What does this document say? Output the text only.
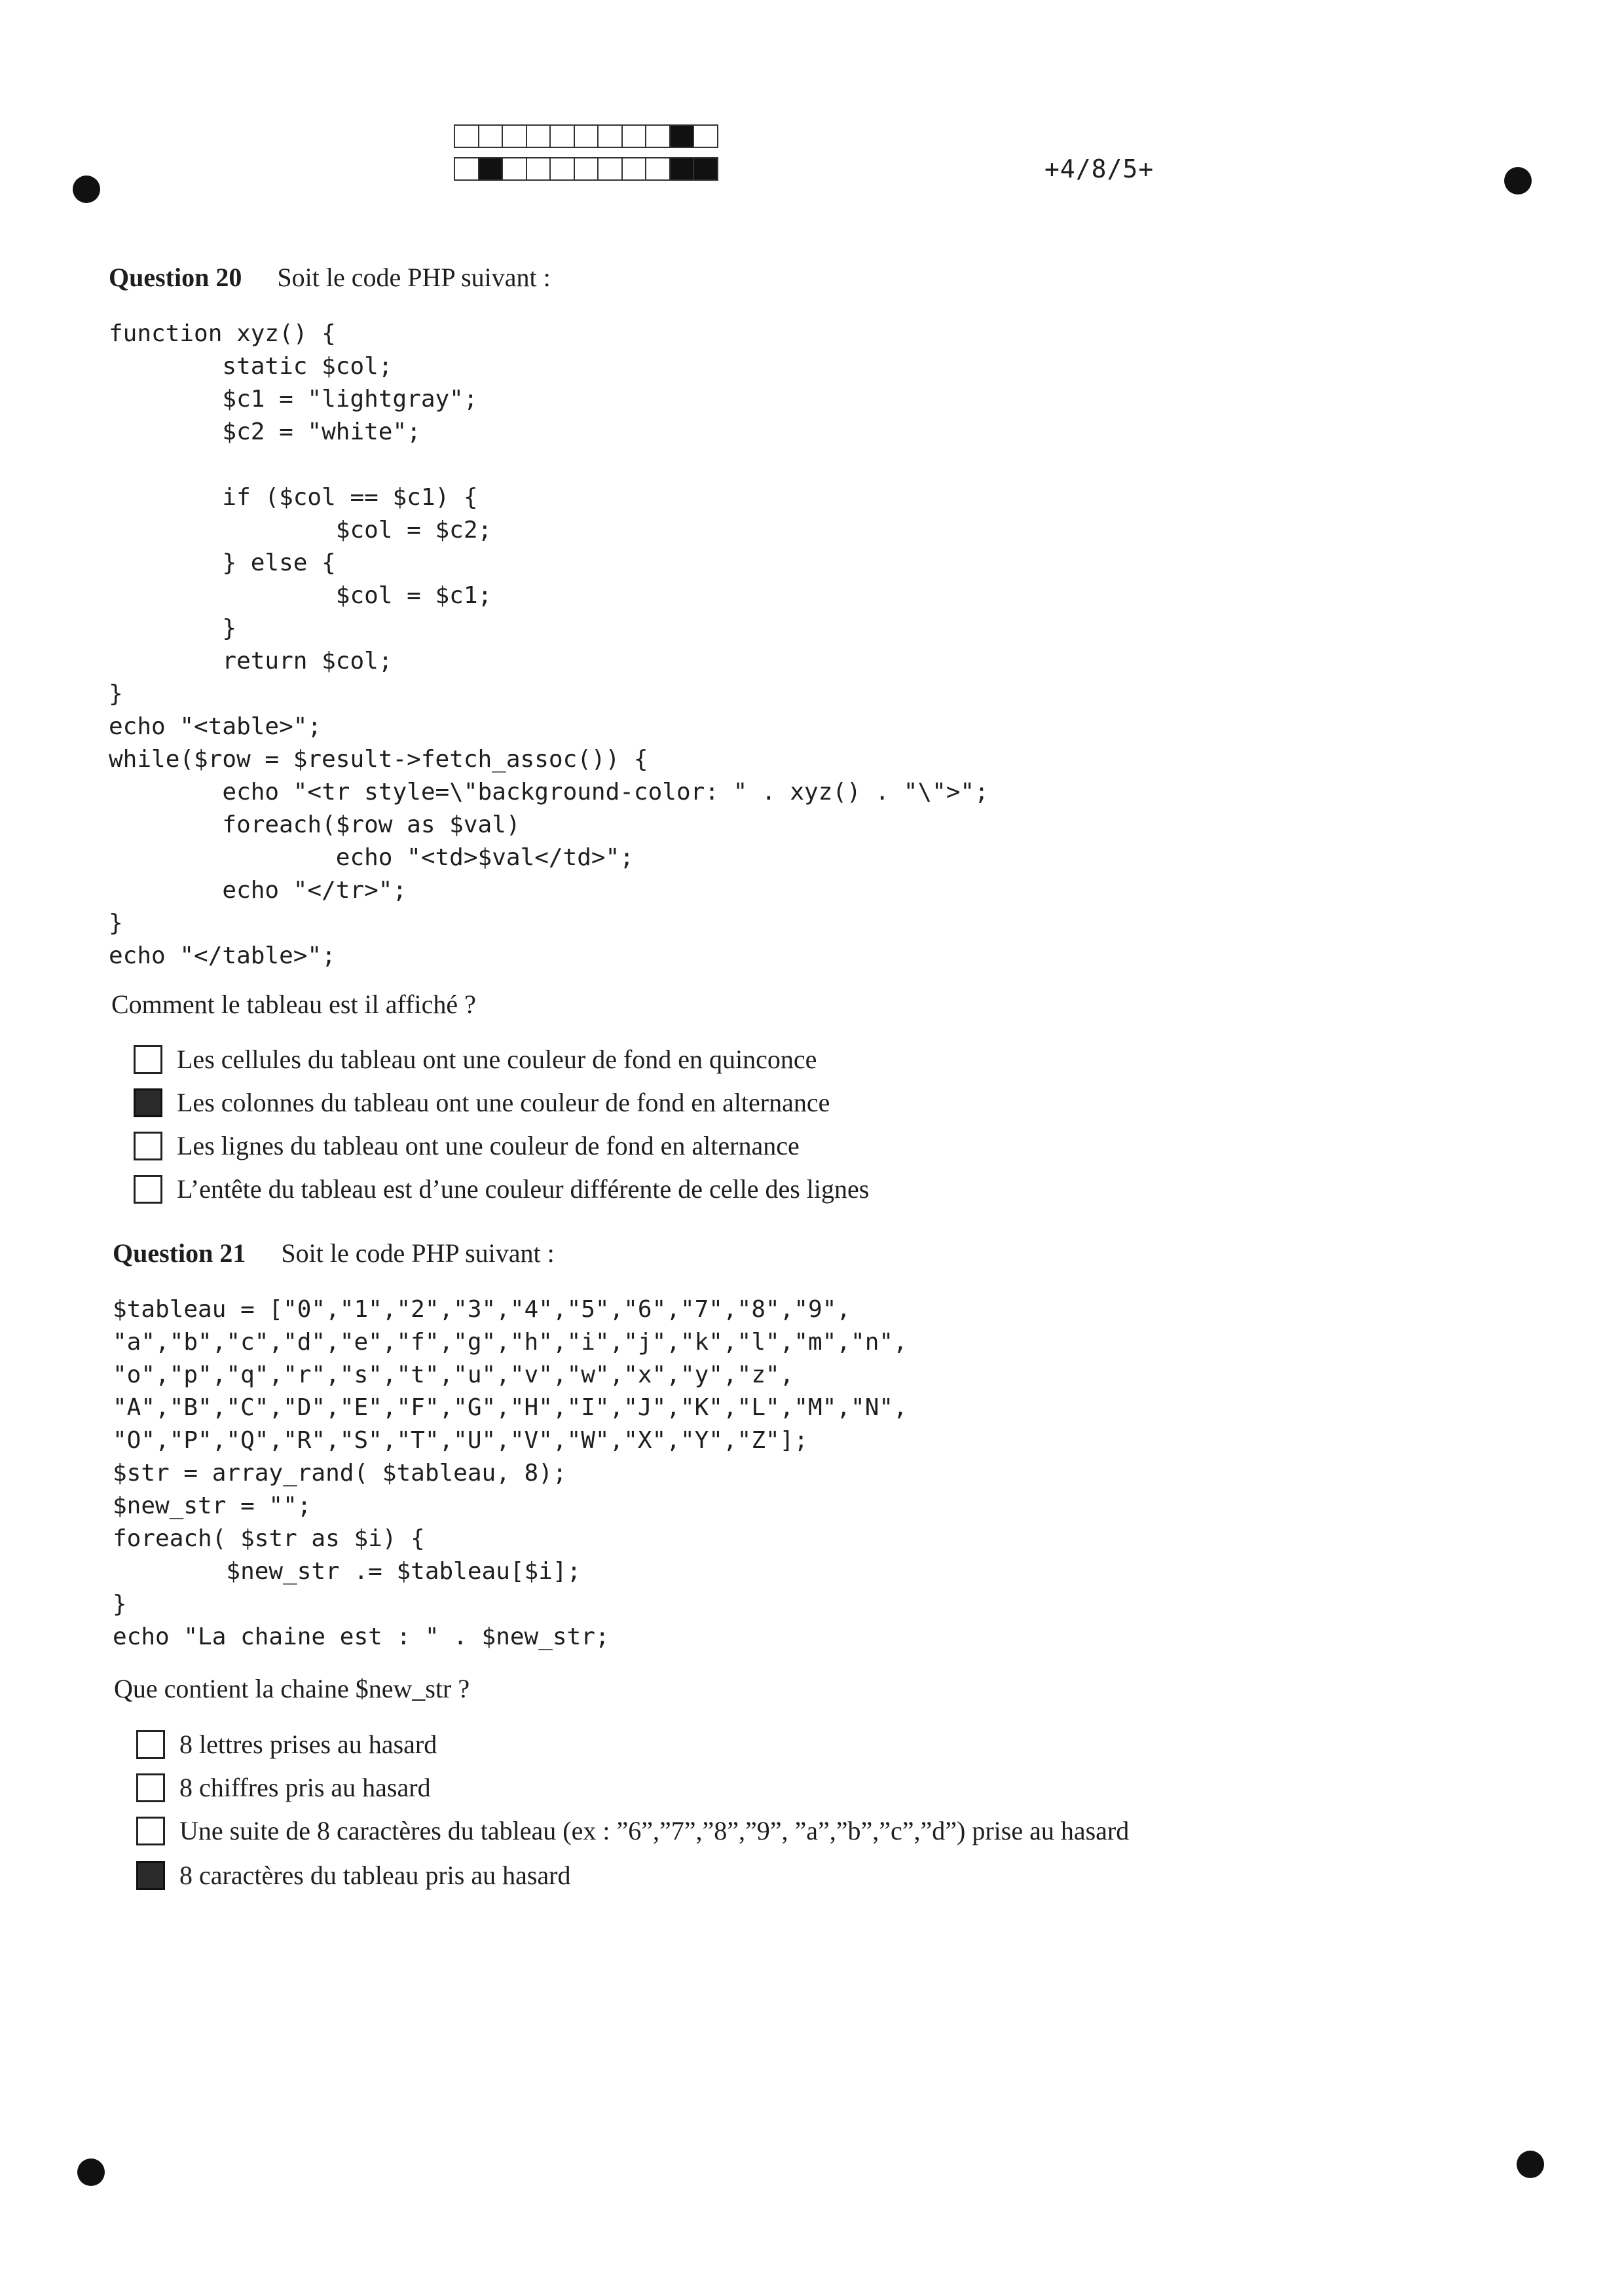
+4/8/5+
Question 20 Soit le code PHP suivant :
function xyz() {
static $col;
$c1 = "lightgray";
$c2 = "white";

if ($col == $c1) {
$col = $c2;
} else {
$col = $c1;
}
return $col;
}
echo "<table>";
while($row = $result->fetch_assoc()) {
echo "<tr style=\"background-color: " . xyz() . "\">";
foreach($row as $val)
echo "<td>$val</td>";
echo "</tr>";
}
echo "</table>";
Comment le tableau est il affiché ?
Les cellules du tableau ont une couleur de fond en quinconce
Les colonnes du tableau ont une couleur de fond en alternance
Les lignes du tableau ont une couleur de fond en alternance
L’entête du tableau est d’une couleur différente de celle des lignes
Question 21 Soit le code PHP suivant :
$tableau = ["0","1","2","3","4","5","6","7","8","9",
"a","b","c","d","e","f","g","h","i","j","k","l","m","n",
"o","p","q","r","s","t","u","v","w","x","y","z",
"A","B","C","D","E","F","G","H","I","J","K","L","M","N",
"O","P","Q","R","S","T","U","V","W","X","Y","Z"];
$str = array_rand( $tableau, 8);
$new_str = "";
foreach( $str as $i) {
$new_str .= $tableau[$i];
}
echo "La chaine est : " . $new_str;
Que contient la chaine $new_str ?
8 lettres prises au hasard
8 chiffres pris au hasard
Une suite de 8 caractères du tableau (ex : ”6”,”7”,”8”,”9”, ”a”,”b”,”c”,”d”) prise au hasard
8 caractères du tableau pris au hasard
